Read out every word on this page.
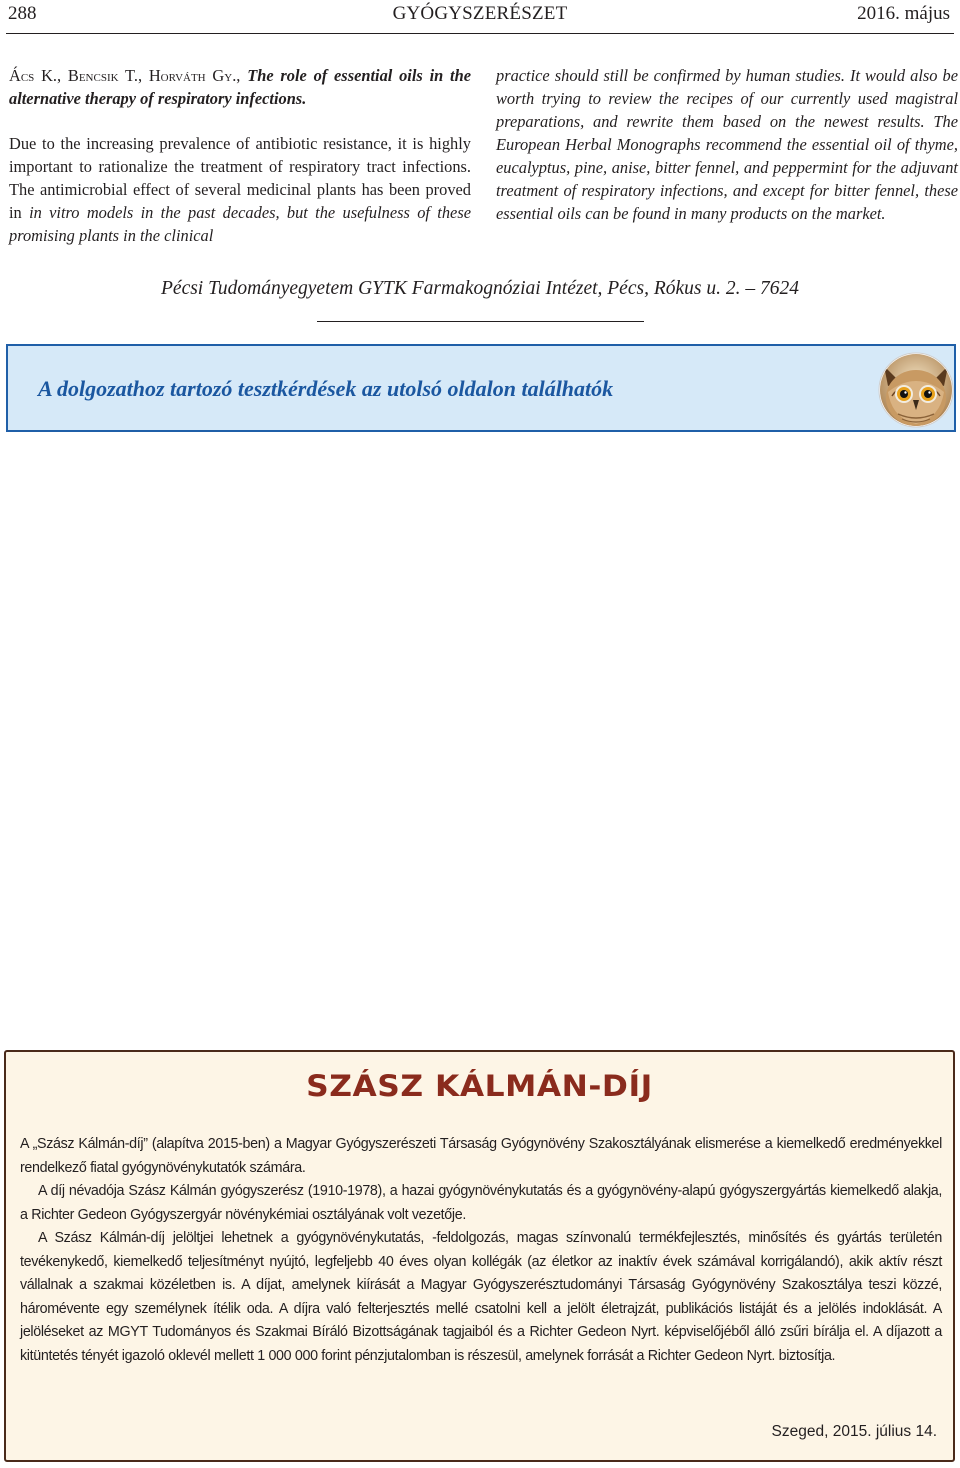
288	GYÓGYSZERÉSZET	2016. május

Ács K., Bencsik T., Horváth Gy., The role of essential oils in the alternative therapy of respiratory infections.

Due to the increasing prevalence of antibiotic resistance, it is highly important to rationalize the treatment of respiratory tract infections. The antimicrobial effect of several medicinal plants has been proved in in vitro models in the past decades, but the usefulness of these promising plants in the clinical

practice should still be confirmed by human studies. It would also be worth trying to review the recipes of our currently used magistral preparations, and rewrite them based on the newest results. The European Herbal Monographs recommend the essential oil of thyme, eucalyptus, pine, anise, bitter fennel, and peppermint for the adjuvant treatment of respiratory infections, and except for bitter fennel, these essential oils can be found in many products on the market.

Pécsi Tudományegyetem GYTK Farmakognóziai Intézet, Pécs, Rókus u. 2. – 7624
A dolgozathoz tartozó tesztkérdések az utolsó oldalon találhatók
SZÁSZ KÁLMÁN-DÍJ

A „Szász Kálmán-díj” (alapítva 2015-ben) a Magyar Gyógyszerészeti Társaság Gyógynövény Szakosztályának elismerése a kiemelkedő eredményekkel rendelkező fiatal gyógynövénykutatók számára.

A díj névadója Szász Kálmán gyógyszerész (1910-1978), a hazai gyógynövénykutatás és a gyógynövény-alapú gyógyszergyártás kiemelkedő alakja, a Richter Gedeon Gyógyszergyár növénykémiai osztályának volt vezetője.

A Szász Kálmán-díj jelöltjei lehetnek a gyógynövénykutatás, -feldolgozás, magas színvonalú termékfejlesztés, minősítés és gyártás területén tevékenykedő, kiemelkedő teljesítményt nyújtó, legfeljebb 40 éves olyan kollégák (az életkor az inaktív évek számával korrigálandó), akik aktív részt vállalnak a szakmai közéletben is. A díjat, amelynek kiírását a Magyar Gyógyszerésztudományi Társaság Gyógynövény Szakosztálya teszi közzé, háromévente egy személynek ítélik oda. A díjra való felterjesztés mellé csatolni kell a jelölt életrajzát, publikációs listáját és a jelölés indoklását. A jelöléseket az MGYT Tudományos és Szakmai Bíráló Bizottságának tagjaiból és a Richter Gedeon Nyrt. képviselőjéből álló zsűri bírálja el. A díjazott a kitüntetés tényét igazoló oklevél mellett 1 000 000 forint pénzjutalomban is részesül, amelynek forrását a Richter Gedeon Nyrt. biztosítja.

Szeged, 2015. július 14.
